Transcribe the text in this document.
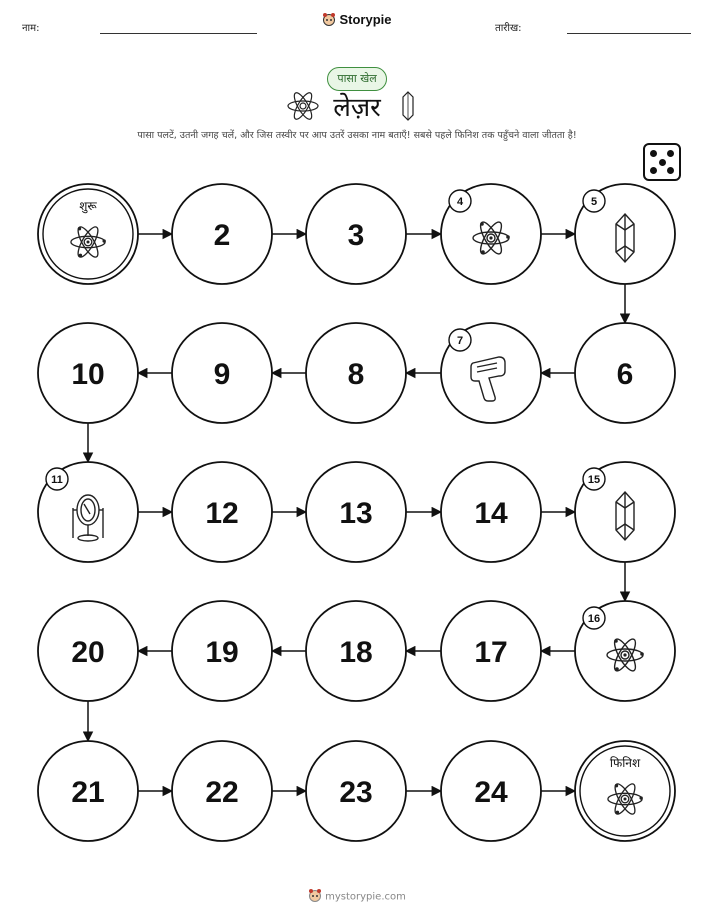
नाम:	तारीख:
Storypie
पासा खेल
लेज़र
पासा पलटें, उतनी जगह चलें, और जिस तस्वीर पर आप उतरें उसका नाम बताएँ! सबसे पहले फिनिश तक पहुँचने वाला जीतता है!
शुरू
2	3
4	5
6
7
8
9
10
11
12	13	14
15
16
17
18
19
20
21	22	23	24
फिनिश
mystorypie.com
